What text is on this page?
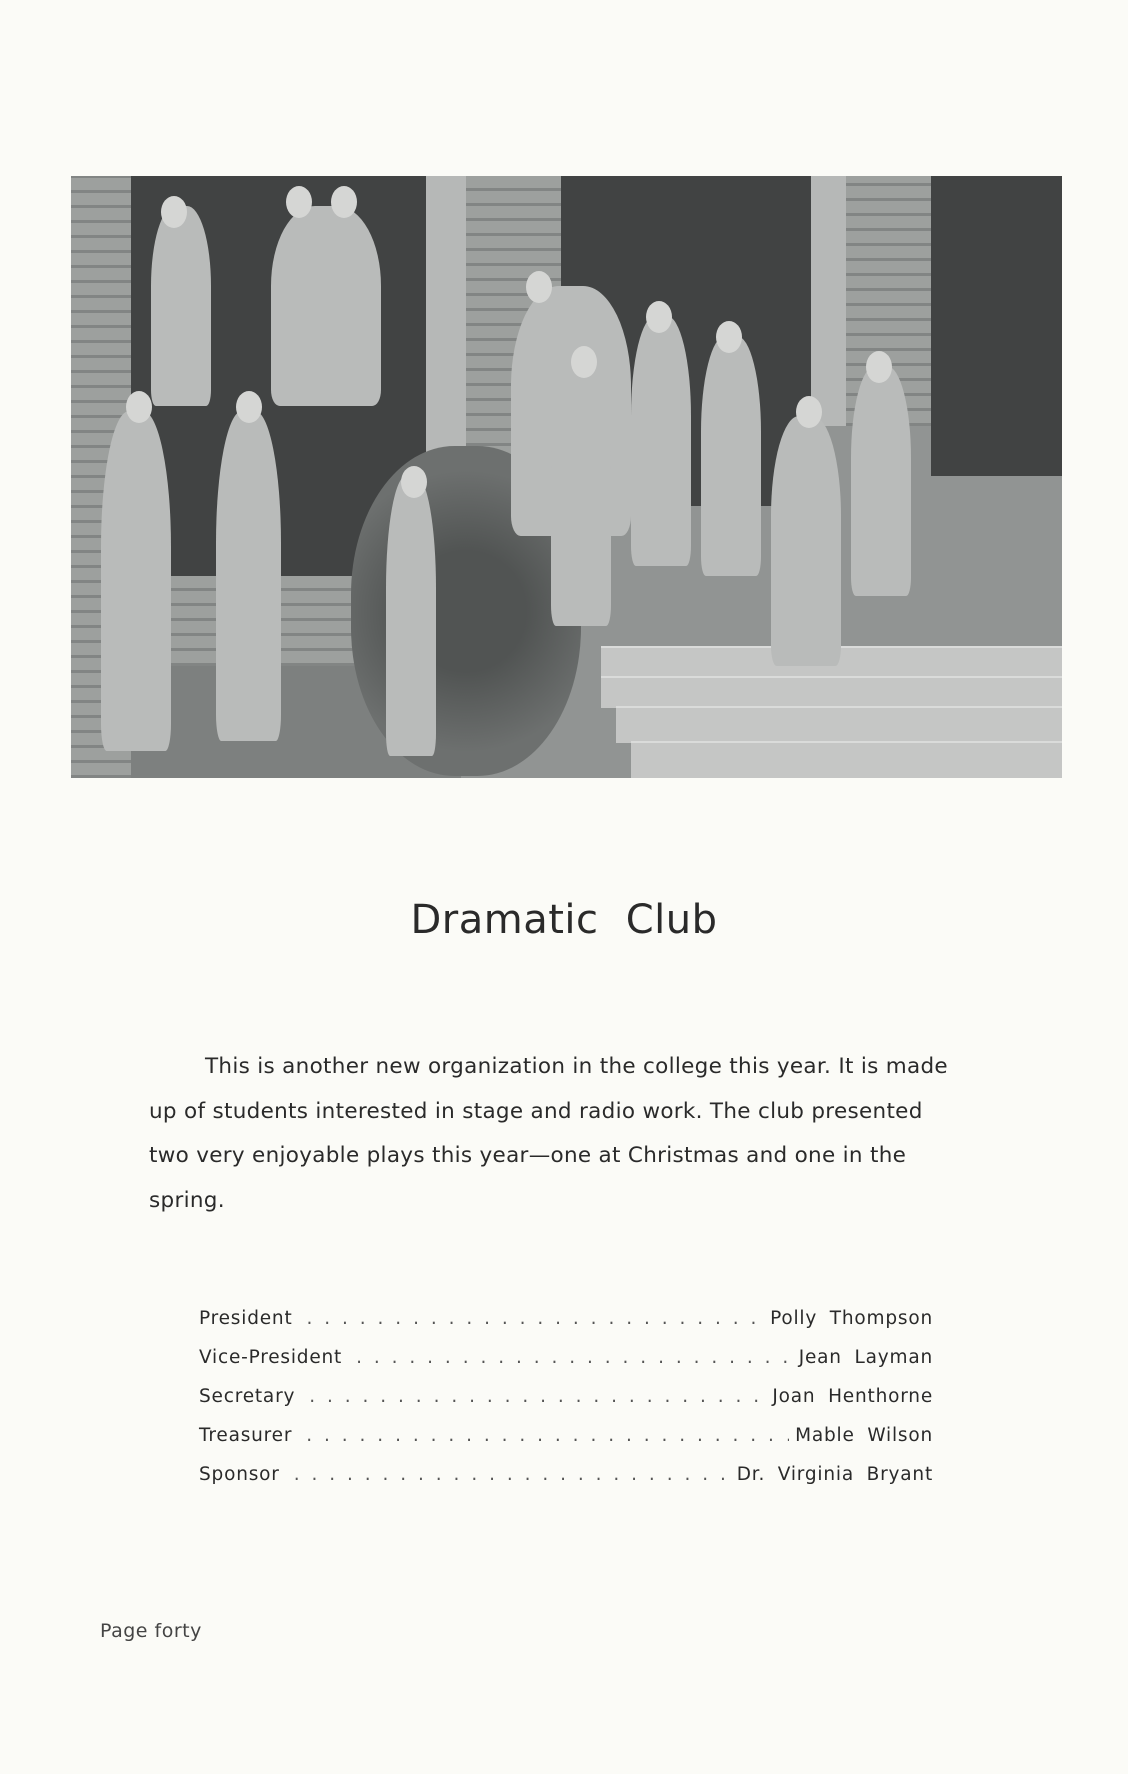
Dramatic Club
This is another new organization in the college this year. It is made
up of students interested in stage and radio work. The club presented
two very enjoyable plays this year—one at Christmas and one in the
spring.
President . . .	Polly Thompson
Vice-President . . .	Jean Layman
Secretary . . .	Joan Henthorne
Treasurer . . .	Mable Wilson
Sponsor . . .	Dr. Virginia Bryant
Page forty
